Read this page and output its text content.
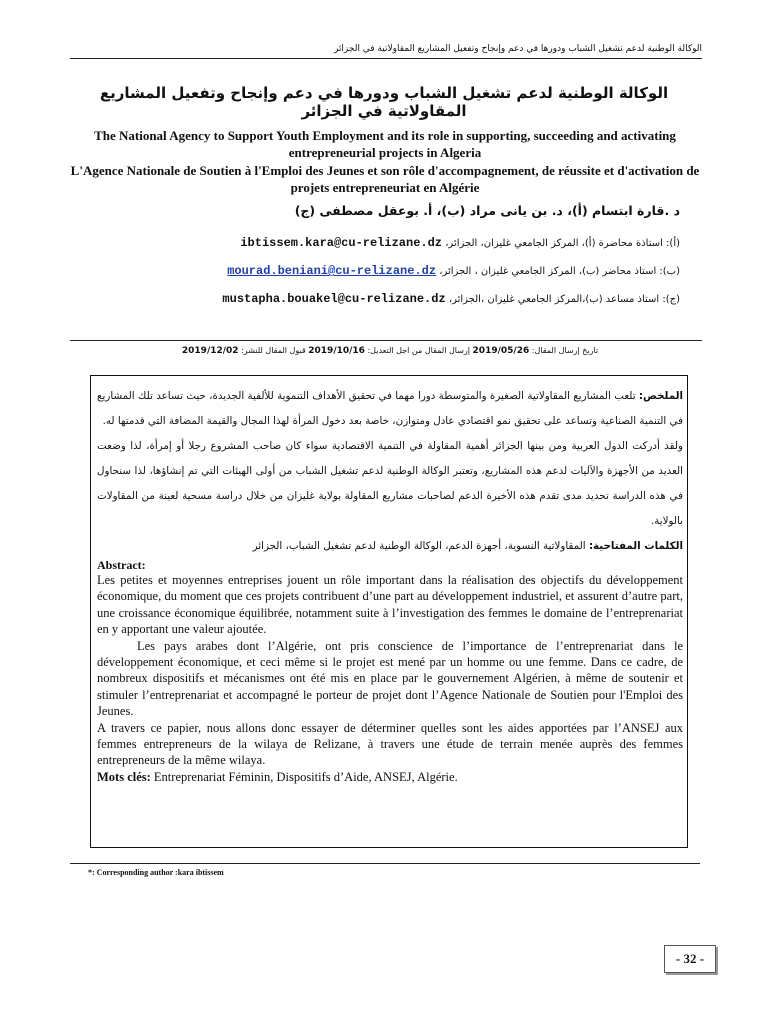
الوكالة الوطنية لدعم تشغيل الشباب ودورها في دعم وإنجاح وتفعيل المشاريع المقاولاتية في الجزائر
الوكالة الوطنية لدعم تشغيل الشباب ودورها في دعم وإنجاح وتفعيل المشاريع المقاولاتية في الجزائر
The National Agency to Support Youth Employment and its role in supporting, succeeding and activating entrepreneurial projects in Algeria
L'Agence Nationale de Soutien à l'Emploi des Jeunes et son rôle d'accompagnement, de réussite et d'activation de projets entrepreneuriat en Algérie
د .قارة ابتسام (أ)، د. بن يانى مراد (ب)، أ. بوعقل مصطفى (ج)
(أ): استاذة محاضرة (أ)، المركز الجامعي غليزان، الجزائر، ibtissem.kara@cu-relizane.dz
(ب): استاذ محاضر (ب)، المركز الجامعي غليزان ، الجزائر، mourad.beniani@cu-relizane.dz
(ج): استاذ مساعد (ب)،المركز الجامعي غليزان ،الجزائر، mustapha.bouakel@cu-relizane.dz
تاريخ إرسال المقال: 2019/05/26 إرسال المقال من اجل التعديل: 2019/10/16 قبول المقال للنشر: 2019/12/02

الملخص: تلعب المشاريع المقاولاتية الصغيرة والمتوسطة دورا مهما في تحقيق الأهداف التنموية للألفية الجديدة، حيث تساعد تلك المشاريع في التنمية الصناعية وتساعد على تحقيق نمو اقتصادي عادل ومتوازن، خاصة بعد دخول المرأة لهذا المجال والقيمة المضافة التي قدمتها له.

ولقد أدركت الدول العربية ومن بينها الجزائر أهمية المقاولة في التنمية الاقتصادية سواء كان صاحب المشروع رجلا أو إمرأة، لذا وضعت العديد من الأجهزة والآليات لدعم هذه المشاريع، وتعتبر الوكالة الوطنية لدعم تشغيل الشباب من أولى الهيئات التي تم إنشاؤها، لذا سنحاول في هذه الدراسة تحديد مدى تقدم هذه الأخيرة الدعم لصاحبات مشاريع المقاولة بولاية غليزان من خلال دراسة مسحية لعينة من المقاولات بالولاية.

الكلمات المفتاحية: المقاولاتية النسوية، أجهزة الدعم، الوكالة الوطنية لدعم تشغيل الشباب، الجزائر

Abstract:

Les petites et moyennes entreprises jouent un rôle important dans la réalisation des objectifs du développement économique, du moment que ces projets contribuent d’une part au développement industriel, et assurent d’autre part, une croissance économique équilibrée, notamment suite à l’investigation des femmes le domaine de l’entreprenariat en y apportant une valeur ajoutée.

Les pays arabes dont l’Algérie, ont pris conscience de l’importance de l’entreprenariat dans le développement économique, et ceci même si le projet est mené par un homme ou une femme. Dans ce cadre, de nombreux dispositifs et mécanismes ont été mis en place par le gouvernement Algérien, à même de soutenir et stimuler l’entreprenariat et accompagné le porteur de projet dont l’Agence Nationale de Soutien pour l'Emploi des Jeunes.

A travers ce papier, nous allons donc essayer de déterminer quelles sont les aides apportées par l’ANSEJ aux femmes entrepreneurs de la wilaya de Relizane, à travers une étude de terrain menée auprès des femmes entrepreneurs de la même wilaya.

Mots clés: Entreprenariat Féminin, Dispositifs d’Aide, ANSEJ, Algérie.

*: Corresponding author :kara ibtissem
- 32 -
